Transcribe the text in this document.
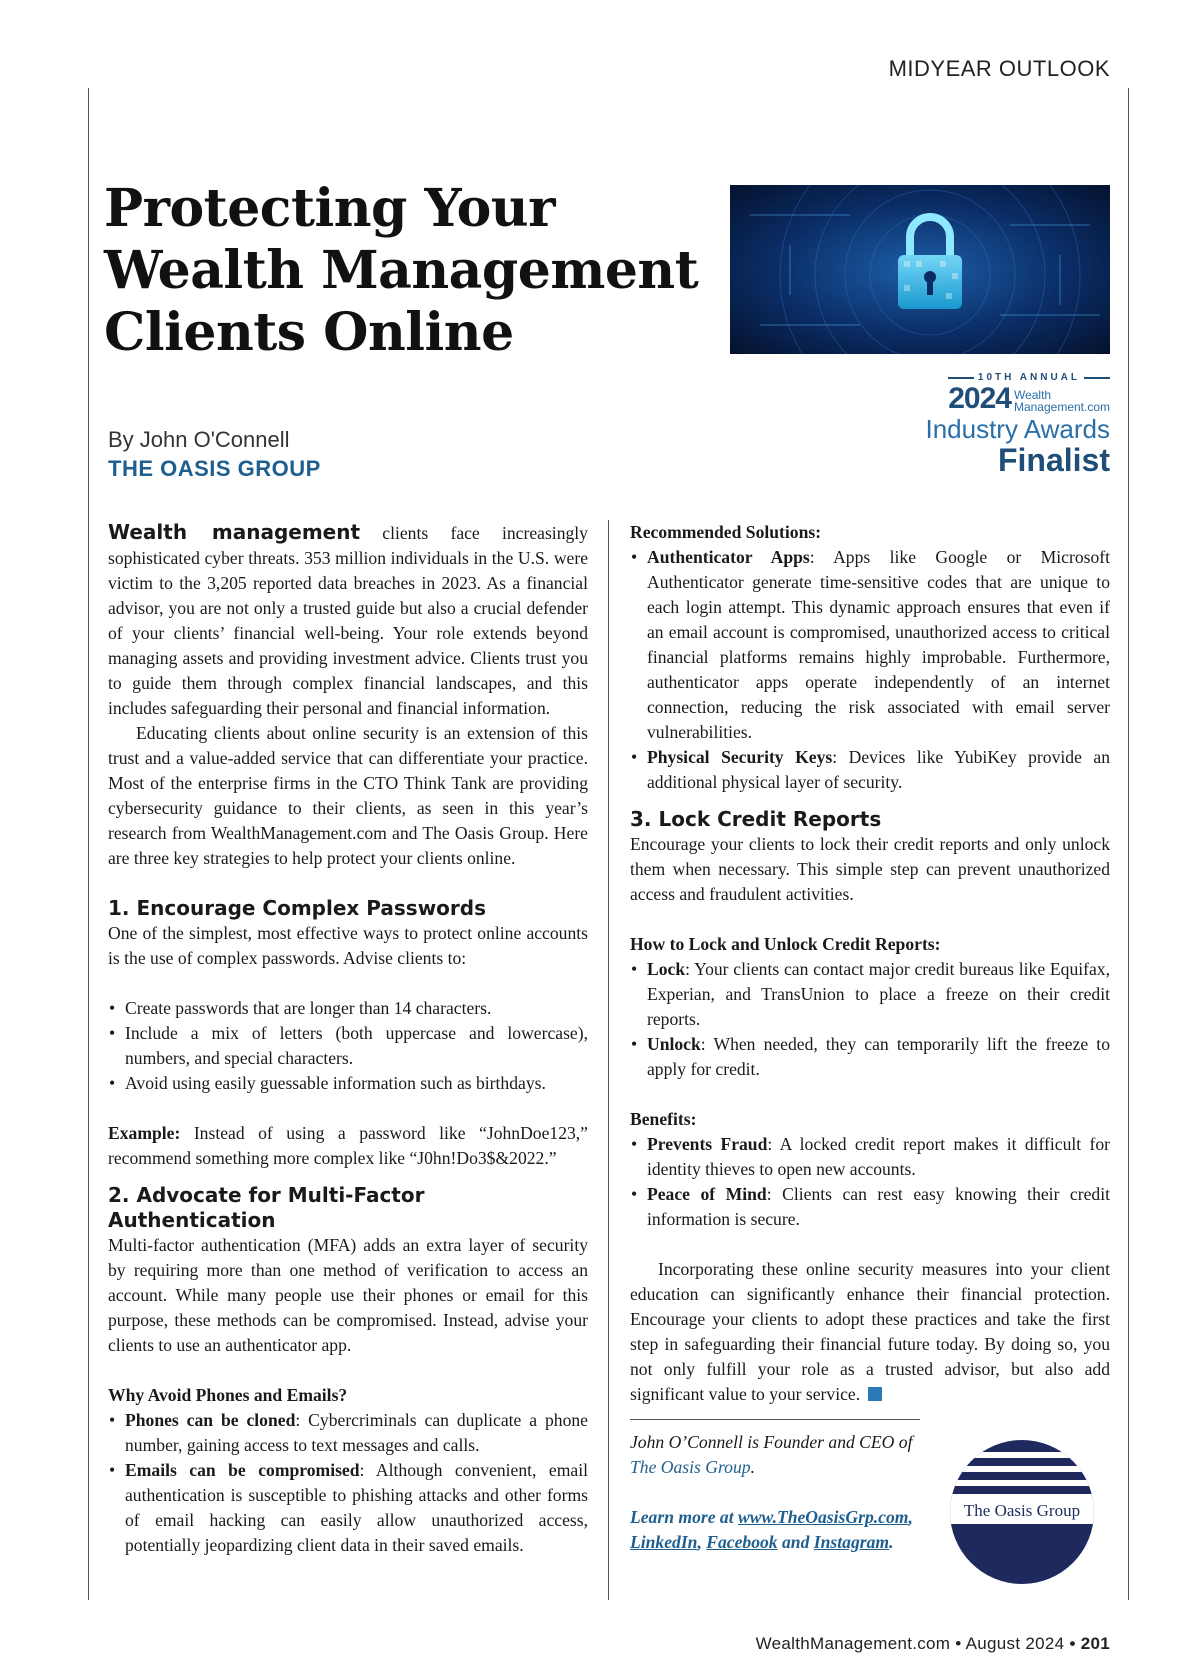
MIDYEAR OUTLOOK
Protecting Your
Wealth Management
Clients Online
10TH ANNUAL
2024 Wealth
Management.com
Industry Awards
Finalist
By John O'Connell
THE OASIS GROUP

Wealth management clients face increasingly sophisticated cyber threats. 353 million individuals in the U.S. were victim to the 3,205 reported data breaches in 2023. As a financial advisor, you are not only a trusted guide but also a crucial defender of your clients’ financial well-being. Your role extends beyond managing assets and providing investment advice. Clients trust you to guide them through complex financial landscapes, and this includes safeguarding their personal and financial information.

Educating clients about online security is an extension of this trust and a value-added service that can differentiate your practice. Most of the enterprise firms in the CTO Think Tank are providing cybersecurity guidance to their clients, as seen in this year’s research from WealthManagement.com and The Oasis Group. Here are three key strategies to help protect your clients online.

1. Encourage Complex Passwords

One of the simplest, most effective ways to protect online accounts is the use of complex passwords. Advise clients to:

• Create passwords that are longer than 14 characters.
• Include a mix of letters (both uppercase and lowercase), numbers, and special characters.
• Avoid using easily guessable information such as birthdays.

Example: Instead of using a password like “JohnDoe123,” recommend something more complex like “J0hn!Do3$&2022.”

2. Advocate for Multi-Factor Authentication

Multi-factor authentication (MFA) adds an extra layer of security by requiring more than one method of verification to access an account. While many people use their phones or email for this purpose, these methods can be compromised. Instead, advise your clients to use an authenticator app.

Why Avoid Phones and Emails?
• Phones can be cloned: Cybercriminals can duplicate a phone number, gaining access to text messages and calls.
• Emails can be compromised: Although convenient, email authentication is susceptible to phishing attacks and other forms of email hacking can easily allow unauthorized access, potentially jeopardizing client data in their saved emails.
Recommended Solutions:
• Authenticator Apps: Apps like Google or Microsoft Authenticator generate time-sensitive codes that are unique to each login attempt. This dynamic approach ensures that even if an email account is compromised, unauthorized access to critical financial platforms remains highly improbable. Furthermore, authenticator apps operate independently of an internet connection, reducing the risk associated with email server vulnerabilities.
• Physical Security Keys: Devices like YubiKey provide an additional physical layer of security.
3. Lock Credit Reports

Encourage your clients to lock their credit reports and only unlock them when necessary. This simple step can prevent unauthorized access and fraudulent activities.

How to Lock and Unlock Credit Reports:
• Lock: Your clients can contact major credit bureaus like Equifax, Experian, and TransUnion to place a freeze on their credit reports.
• Unlock: When needed, they can temporarily lift the freeze to apply for credit.
Benefits:
• Prevents Fraud: A locked credit report makes it difficult for identity thieves to open new accounts.
• Peace of Mind: Clients can rest easy knowing their credit information is secure.

Incorporating these online security measures into your client education can significantly enhance their financial protection. Encourage your clients to adopt these practices and take the first step in safeguarding their financial future today. By doing so, you not only fulfill your role as a trusted advisor, but also add significant value to your service.

John O’Connell is Founder and CEO of The Oasis Group.

Learn more at www.TheOasisGrp.com, LinkedIn, Facebook and Instagram.

The Oasis Group
WealthManagement.com • August 2024 • 201
